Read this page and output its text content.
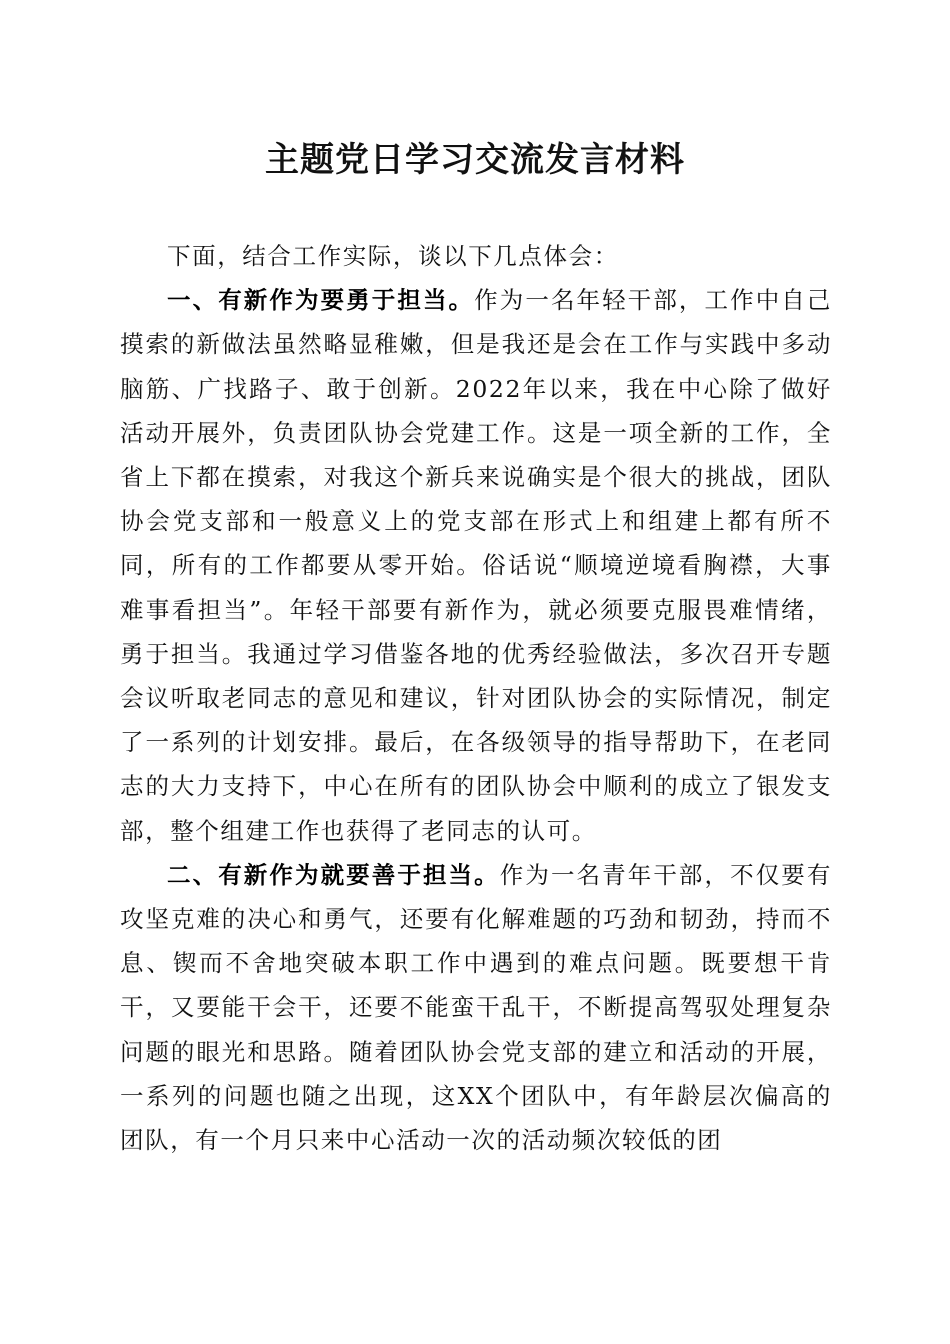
主题党日学习交流发言材料

下面，结合工作实际，谈以下几点体会：

一、有新作为要勇于担当。作为一名年轻干部，工作中自己摸索的新做法虽然略显稚嫩，但是我还是会在工作与实践中多动脑筋、广找路子、敢于创新。2022年以来，我在中心除了做好活动开展外，负责团队协会党建工作。这是一项全新的工作，全省上下都在摸索，对我这个新兵来说确实是个很大的挑战，团队协会党支部和一般意义上的党支部在形式上和组建上都有所不同，所有的工作都要从零开始。俗话说“顺境逆境看胸襟，大事难事看担当”。年轻干部要有新作为，就必须要克服畏难情绪，勇于担当。我通过学习借鉴各地的优秀经验做法，多次召开专题会议听取老同志的意见和建议，针对团队协会的实际情况，制定了一系列的计划安排。最后，在各级领导的指导帮助下，在老同志的大力支持下，中心在所有的团队协会中顺利的成立了银发支部，整个组建工作也获得了老同志的认可。

二、有新作为就要善于担当。作为一名青年干部，不仅要有攻坚克难的决心和勇气，还要有化解难题的巧劲和韧劲，持而不息、锲而不舍地突破本职工作中遇到的难点问题。既要想干肯干，又要能干会干，还要不能蛮干乱干，不断提高驾驭处理复杂问题的眼光和思路。随着团队协会党支部的建立和活动的开展，一系列的问题也随之出现，这XX个团队中，有年龄层次偏高的团队，有一个月只来中心活动一次的活动频次较低的团
